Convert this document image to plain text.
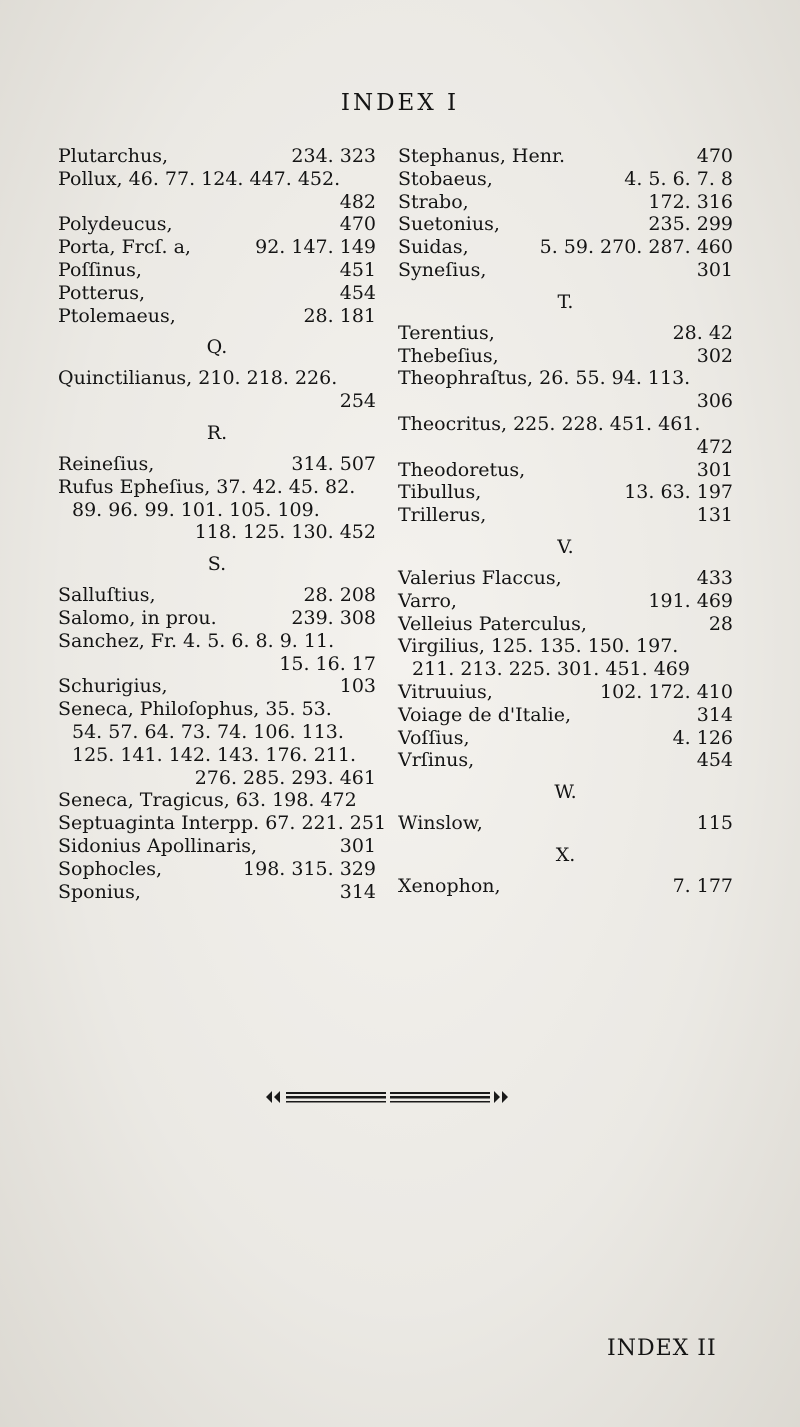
INDEX I
Plutarchus,	234. 323
Pollux, 46. 77. 124. 447. 452.
482
Polydeucus,	470
Porta, Frcſ. a,	92. 147. 149
Poſſinus,	451
Potterus,	454
Ptolemaeus,	28. 181
Q.
Quinctilianus, 210. 218. 226.
254
R.
Reineſius,	314. 507
Rufus Epheſius, 37. 42. 45. 82.
89. 96. 99. 101. 105. 109.
118. 125. 130. 452
S.
Salluſtius,	28. 208
Salomo, in prou.	239. 308
Sanchez, Fr. 4. 5. 6. 8. 9. 11.
15. 16. 17
Schurigius,	103
Seneca, Philoſophus, 35. 53.
54. 57. 64. 73. 74. 106. 113.
125. 141. 142. 143. 176. 211.
276. 285. 293. 461
Seneca, Tragicus, 63. 198. 472
Septuaginta Interpp. 67. 221. 251
Sidonius Apollinaris,	301
Sophocles,	198. 315. 329
Sponius,	314
Stephanus, Henr.	470
Stobaeus,	4. 5. 6. 7. 8
Strabo,	172. 316
Suetonius,	235. 299
Suidas,	5. 59. 270. 287. 460
Syneſius,	301
T.
Terentius,	28. 42
Thebeſius,	302
Theophraſtus, 26. 55. 94. 113.
306
Theocritus, 225. 228. 451. 461.
472
Theodoretus,	301
Tibullus,	13. 63. 197
Trillerus,	131
V.
Valerius Flaccus,	433
Varro,	191. 469
Velleius Paterculus,	28
Virgilius, 125. 135. 150. 197.
211. 213. 225. 301. 451. 469
Vitruuius,	102. 172. 410
Voiage de d'Italie,	314
Voſſius,	4. 126
Vrſinus,	454
W.
Winslow,	115
X.
Xenophon,	7. 177
INDEX II
